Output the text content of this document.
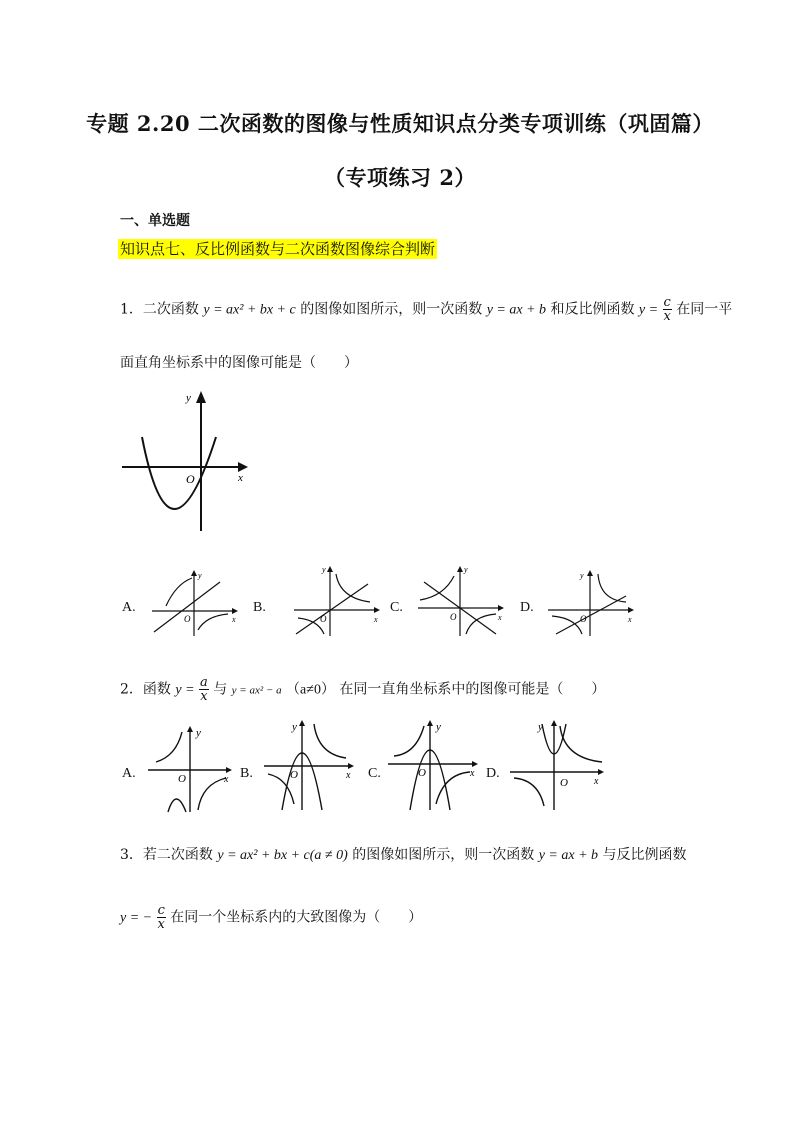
专题 2.20 二次函数的图像与性质知识点分类专项训练（巩固篇）
（专项练习 2）
一、单选题
知识点七、反比例函数与二次函数图像综合判断
1．二次函数 y = ax² + bx + c 的图像如图所示，则一次函数 y = ax + b 和反比例函数 $y = \frac{c}{x}$ 在同一平
面直角坐标系中的图像可能是（　　）
y
x
O
A.
y
x
O
B.
y
x
O
C.
y
x
O
D.
y
x
O
2．函数 $y = \frac{a}{x}$ 与 y = ax² − a （a≠0） 在同一直角坐标系中的图像可能是（　　）
A.
y
x
O	B.
y
x
O	C.
y
x
O	D.
y
x
O
3．若二次函数 y = ax² + bx + c(a ≠ 0) 的图像如图所示，则一次函数 y = ax + b 与反比例函数
y = − $\frac{c}{x}$ 在同一个坐标系内的大致图像为（　　）
